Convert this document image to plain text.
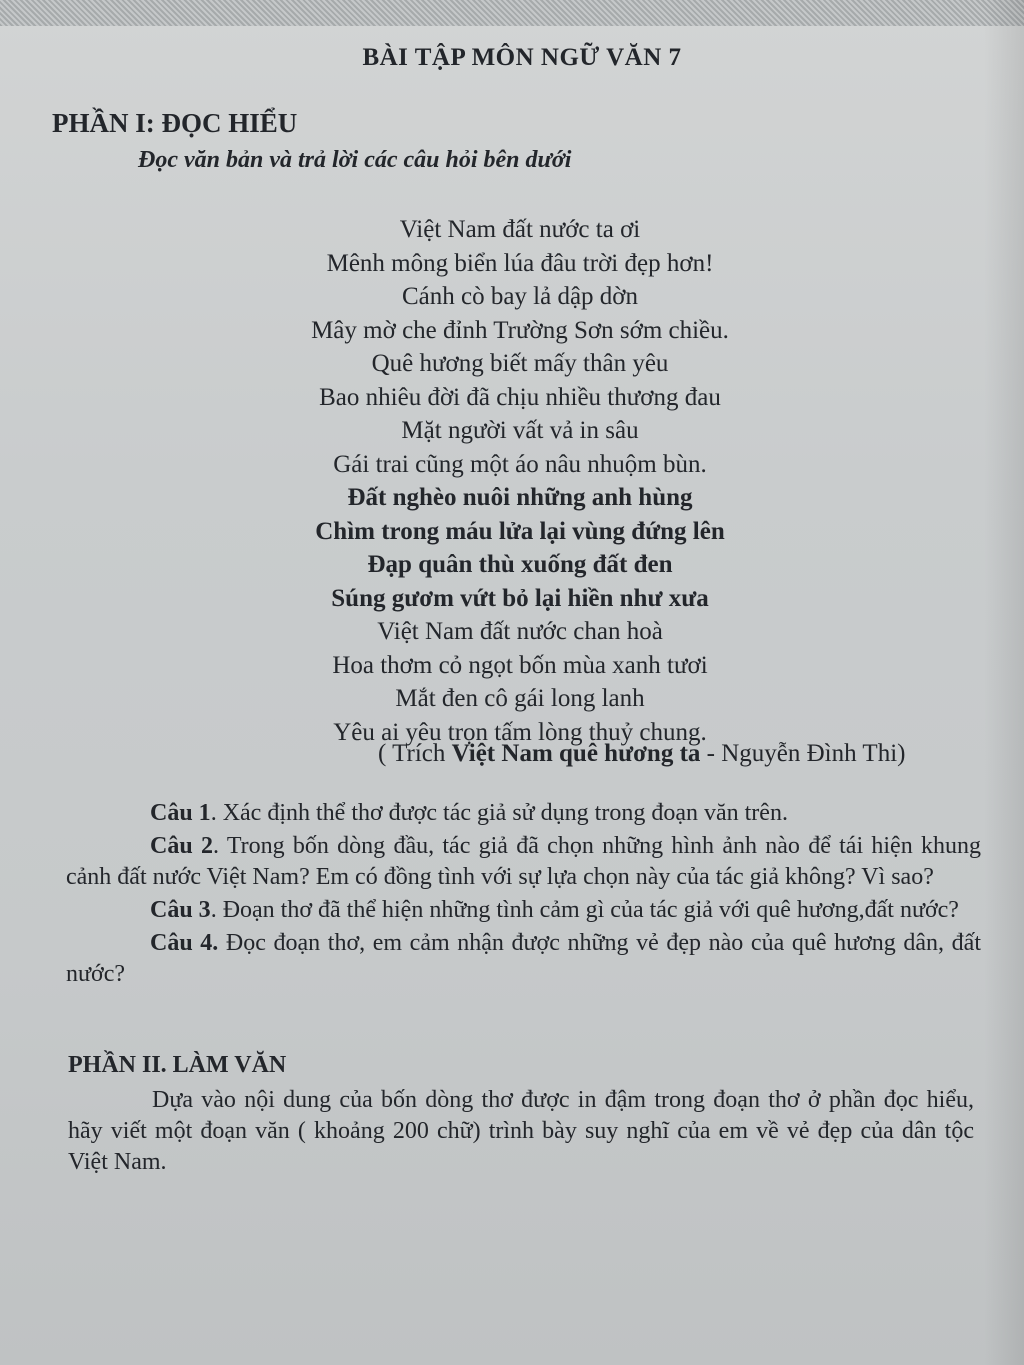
BÀI TẬP MÔN NGỮ VĂN 7
PHẦN I: ĐỌC HIỂU
Đọc văn bản và trả lời các câu hỏi bên dưới
Việt Nam đất nước ta ơi
Mênh mông biển lúa đâu trời đẹp hơn!
Cánh cò bay lả dập dờn
Mây mờ che đỉnh Trường Sơn sớm chiều.
Quê hương biết mấy thân yêu
Bao nhiêu đời đã chịu nhiều thương đau
Mặt người vất vả in sâu
Gái trai cũng một áo nâu nhuộm bùn.
Đất nghèo nuôi những anh hùng
Chìm trong máu lửa lại vùng đứng lên
Đạp quân thù xuống đất đen
Súng gươm vứt bỏ lại hiền như xưa
Việt Nam đất nước chan hoà
Hoa thơm cỏ ngọt bốn mùa xanh tươi
Mắt đen cô gái long lanh
Yêu ai yêu trọn tấm lòng thuỷ chung.
( Trích Việt Nam quê hương ta - Nguyễn Đình Thi)

Câu 1. Xác định thể thơ được tác giả sử dụng trong đoạn văn trên.

Câu 2. Trong bốn dòng đầu, tác giả đã chọn những hình ảnh nào để tái hiện khung cảnh đất nước Việt Nam? Em có đồng tình với sự lựa chọn này của tác giả không? Vì sao?

Câu 3. Đoạn thơ đã thể hiện những tình cảm gì của tác giả với quê hương,đất nước?

Câu 4. Đọc đoạn thơ, em cảm nhận được những vẻ đẹp nào của quê hương dân, đất nước?

PHẦN II. LÀM VĂN
Dựa vào nội dung của bốn dòng thơ được in đậm trong đoạn thơ ở phần đọc hiểu, hãy viết một đoạn văn ( khoảng 200 chữ) trình bày suy nghĩ của em về vẻ đẹp của dân tộc Việt Nam.
